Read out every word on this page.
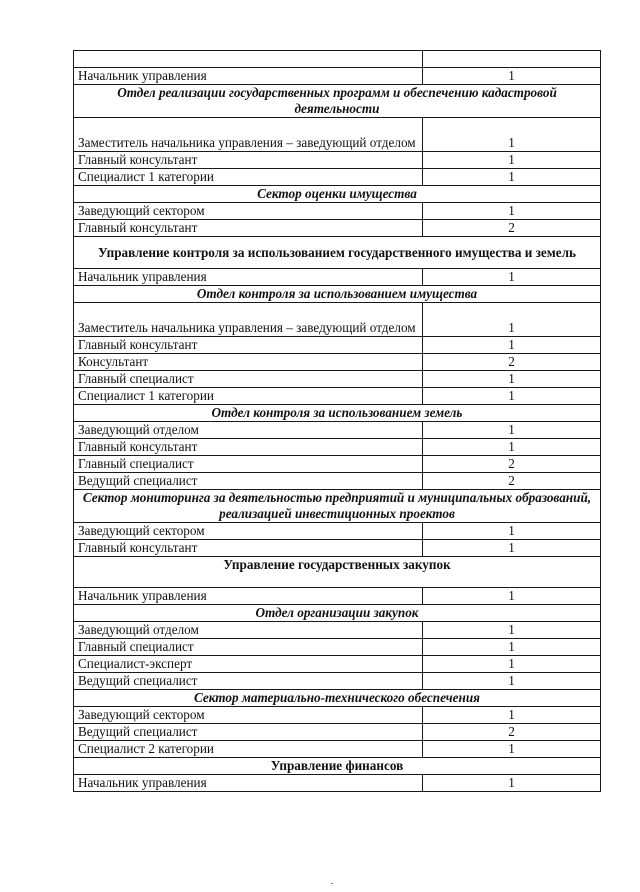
Начальник управления	1
Отдел реализации государственных программ и обеспечению кадастровой деятельности	
Заместитель начальника управления – заведующий отделом	1
Главный консультант	1
Специалист 1 категории	1
Сектор оценки имущества	
Заведующий сектором	1
Главный консультант	2
Управление контроля за использованием государственного имущества и земель	
Начальник управления	1
Отдел контроля за использованием имущества	
Заместитель начальника управления – заведующий отделом	1
Главный консультант	1
Консультант	2
Главный специалист	1
Специалист 1 категории	1
Отдел контроля за использованием земель	
Заведующий отделом	1
Главный консультант	1
Главный специалист	2
Ведущий специалист	2
Сектор мониторинга за деятельностью предприятий и муниципальных образований, реализацией инвестиционных проектов	
Заведующий сектором	1
Главный консультант	1
Управление государственных закупок	
Начальник управления	1
Отдел организации закупок	
Заведующий отделом	1
Главный специалист	1
Специалист-эксперт	1
Ведущий специалист	1
Сектор материально-технического обеспечения	
Заведующий сектором	1
Ведущий специалист	2
Специалист 2 категории	1
Управление финансов	
Начальник управления	1
